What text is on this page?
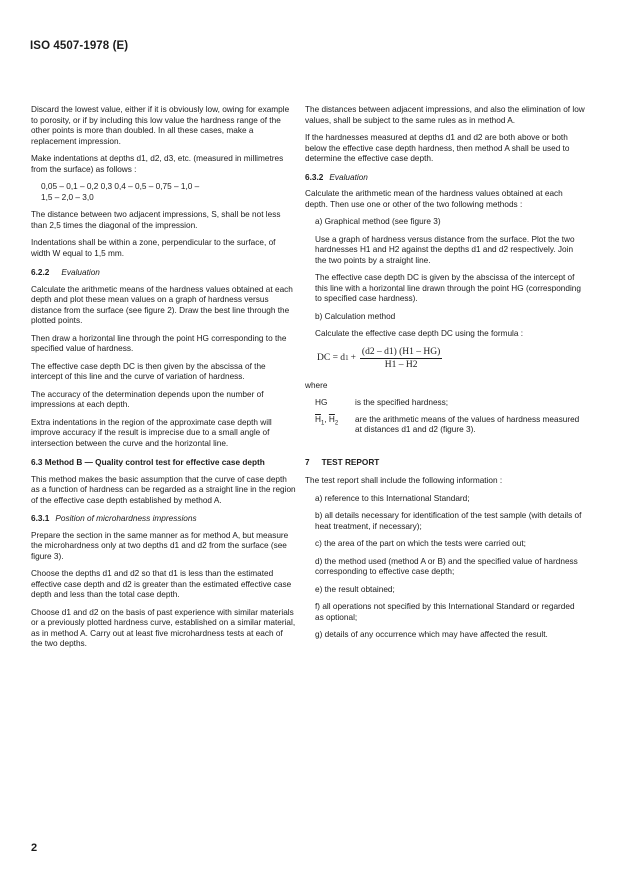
ISO 4507-1978 (E)

Discard the lowest value, either if it is obviously low, owing for example to porosity, or if by including this low value the hardness range of the other points is more than doubled. In all these cases, make a replacement impression.

Make indentations at depths d1, d2, d3, etc. (measured in millimetres from the surface) as follows :

0,05 – 0,1 – 0,2 0,3 0,4 – 0,5 – 0,75 – 1,0 –
1,5 – 2,0 – 3,0

The distance between two adjacent impressions, S, shall be not less than 2,5 times the diagonal of the impression.

Indentations shall be within a zone, perpendicular to the surface, of width W equal to 1,5 mm.

6.2.2 Evaluation

Calculate the arithmetic means of the hardness values obtained at each depth and plot these mean values on a graph of hardness versus distance from the surface (see figure 2). Draw the best line through the plotted points.

Then draw a horizontal line through the point HG corresponding to the specified value of hardness.

The effective case depth DC is then given by the abscissa of the intercept of this line and the curve of variation of hardness.

The accuracy of the determination depends upon the number of impressions at each depth.

Extra indentations in the region of the approximate case depth will improve accuracy if the result is imprecise due to a small angle of intersection between the curve and the horizontal line.

6.3 Method B — Quality control test for effective case depth

This method makes the basic assumption that the curve of case depth as a function of hardness can be regarded as a straight line in the region of the effective case depth established by method A.

6.3.1 Position of microhardness impressions

Prepare the section in the same manner as for method A, but measure the microhardness only at two depths d1 and d2 from the surface (see figure 3).

Choose the depths d1 and d2 so that d1 is less than the estimated effective case depth and d2 is greater than the estimated effective case depth and less than the total case depth.

Choose d1 and d2 on the basis of past experience with similar materials or a previously plotted hardness curve, established on a similar material, as in method A. Carry out at least five microhardness tests at each of the two depths.

The distances between adjacent impressions, and also the elimination of low values, shall be subject to the same rules as in method A.

If the hardnesses measured at depths d1 and d2 are both above or both below the effective case depth hardness, then method A shall be used to determine the effective case depth.

6.3.2 Evaluation

Calculate the arithmetic mean of the hardness values obtained at each depth. Then use one or other of the two following methods :

a) Graphical method (see figure 3)

Use a graph of hardness versus distance from the surface. Plot the two hardnesses H1 and H2 against the depths d1 and d2 respectively. Join the two points by a straight line.

The effective case depth DC is given by the abscissa of the intercept of this line with a horizontal line drawn through the point HG (corresponding to specified case hardness).

b) Calculation method

Calculate the effective case depth DC using the formula :

DC = d $1 + \frac{(d2 - d1) (H1 - HG)}{H1 - H2}$

where

HG	is the specified hardness;
$\overline{H}_1$, $\overline{H}_2$	are the arithmetic means of the values of hardness measured at distances d1 and d2 (figure 3).
7 TEST REPORT

The test report shall include the following information :

a) reference to this International Standard;

b) all details necessary for identification of the test sample (with details of heat treatment, if necessary);

c) the area of the part on which the tests were carried out;

d) the method used (method A or B) and the specified value of hardness corresponding to effective case depth;

e) the result obtained;

f) all operations not specified by this International Standard or regarded as optional;

g) details of any occurrence which may have affected the result.

2
